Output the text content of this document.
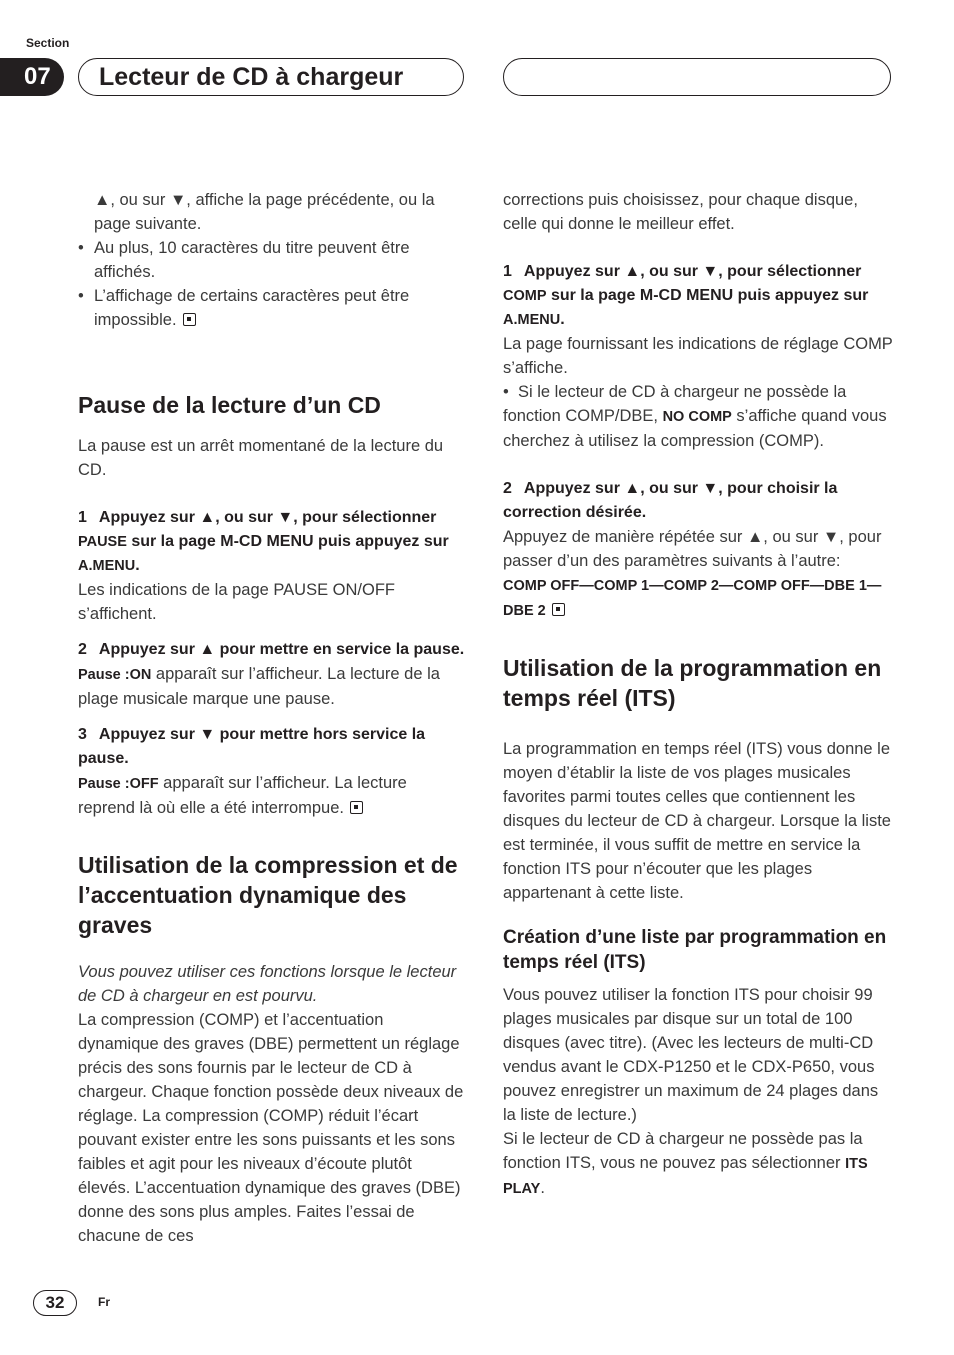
Section
07	Lecteur de CD à chargeur

▲, ou sur ▼, affiche la page précédente, ou la page suivante.

• Au plus, 10 caractères du titre peuvent être affichés.

• L’affichage de certains caractères peut être impossible.

Pause de la lecture d’un CD

La pause est un arrêt momentané de la lecture du CD.

1 Appuyez sur ▲, ou sur ▼, pour sélectionner PAUSE sur la page M-CD MENU puis appuyez sur A.MENU.

Les indications de la page PAUSE ON/OFF s’affichent.

2 Appuyez sur ▲ pour mettre en service la pause.

Pause :ON apparaît sur l’afficheur. La lecture de la plage musicale marque une pause.

3 Appuyez sur ▼ pour mettre hors service la pause.

Pause :OFF apparaît sur l’afficheur. La lecture reprend là où elle a été interrompue.

Utilisation de la compression et de l’accentuation dynamique des graves

Vous pouvez utiliser ces fonctions lorsque le lecteur de CD à chargeur en est pourvu.

La compression (COMP) et l’accentuation dynamique des graves (DBE) permettent un réglage précis des sons fournis par le lecteur de CD à chargeur. Chaque fonction possède deux niveaux de réglage. La compression (COMP) réduit l’écart pouvant exister entre les sons puissants et les sons faibles et agit pour les niveaux d’écoute plutôt élevés. L’accentuation dynamique des graves (DBE) donne des sons plus amples. Faites l’essai de chacune de ces

corrections puis choisissez, pour chaque disque, celle qui donne le meilleur effet.

1 Appuyez sur ▲, ou sur ▼, pour sélectionner COMP sur la page M-CD MENU puis appuyez sur A.MENU.

La page fournissant les indications de réglage COMP s’affiche.

•  Si le lecteur de CD à chargeur ne possède la fonction COMP/DBE, NO COMP s’affiche quand vous cherchez à utilisez la compression (COMP).

2 Appuyez sur ▲, ou sur ▼, pour choisir la correction désirée.

Appuyez de manière répétée sur ▲, ou sur ▼, pour passer d’un des paramètres suivants à l’autre:

COMP OFF—COMP 1—COMP 2—COMP OFF—DBE 1—DBE 2

Utilisation de la programmation en temps réel (ITS)

La programmation en temps réel (ITS) vous donne le moyen d’établir la liste de vos plages musicales favorites parmi toutes celles que contiennent les disques du lecteur de CD à chargeur. Lorsque la liste est terminée, il vous suffit de mettre en service la fonction ITS pour n’écouter que les plages appartenant à cette liste.

Création d’une liste par programmation en temps réel (ITS)

Vous pouvez utiliser la fonction ITS pour choisir 99 plages musicales par disque sur un total de 100 disques (avec titre). (Avec les lecteurs de multi-CD vendus avant le CDX-P1250 et le CDX-P650, vous pouvez enregistrer un maximum de 24 plages dans la liste de lecture.)

Si le lecteur de CD à chargeur ne possède pas la fonction ITS, vous ne pouvez pas sélectionner ITS PLAY.

32	Fr
